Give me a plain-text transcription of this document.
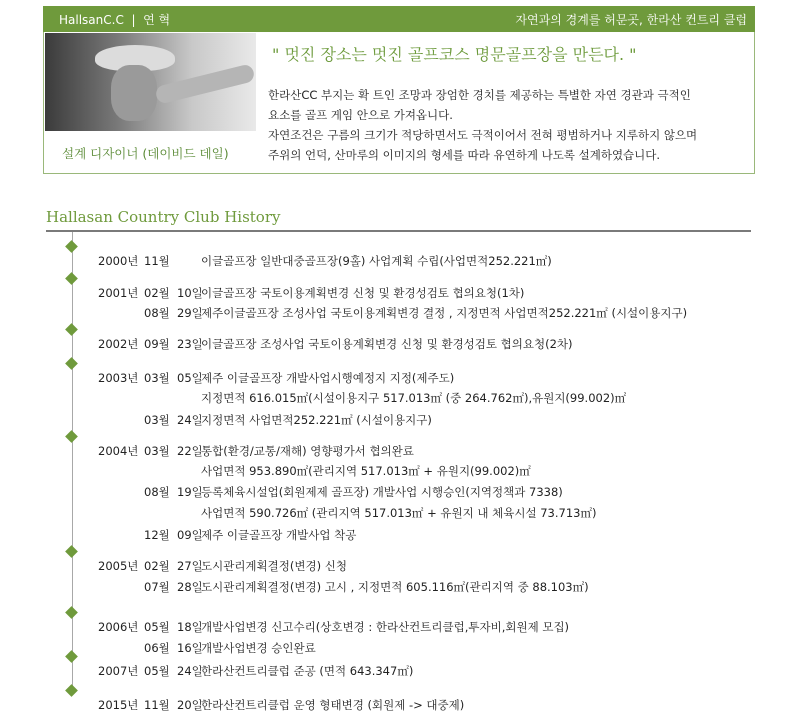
HallsanC.C  |  연 혁	자연과의 경계를 허문곳, 한라산 컨트리 클럽
설계 디자이너 (데이비드 데일)
" 멋진 장소는 멋진 골프코스 명문골프장을 만든다. "

한라산CC 부지는 확 트인 조망과 장엄한 경치를 제공하는 특별한 자연 경관과 극적인

요소를 골프 게임 안으로 가져옵니다.

자연조건은 구름의 크기가 적당하면서도 극적이어서 전혀 평범하거나 지루하지 않으며

주위의 언덕, 산마루의 이미지의 형세를 따라 유연하게 나도록 설계하였습니다.

Hallasan Country Club History

2000년 11월	이글골프장 일반대중골프장(9홀) 사업계획 수립(사업면적252.221㎡)

2001년 02월  10일
이글골프장 국토이용계획변경 신청 및 환경성검토 협의요청(1차)

08월  29일
제주이글골프장 조성사업 국토이용계획변경 결정 , 지정면적 사업면적252.221㎡ (시설이용지구)

2002년 09월  23일
이글골프장 조성사업 국토이용계획변경 신청 및 환경성검토 협의요청(2차)

2003년 03월  05일
제주 이글골프장 개발사업시행예정지 지정(제주도)

지정면적 616.015㎡(시설이용지구 517.013㎡ (중 264.762㎡),유원지(99.002)㎡

03월  24일
지정면적 사업면적252.221㎡ (시설이용지구)

2004년 03월  22일
통합(환경/교통/재해) 영향평가서 협의완료

사업면적 953.890㎡(관리지역 517.013㎡ + 유원지(99.002)㎡

08월  19일
등록체육시설업(회원제제 골프장) 개발사업 시행승인(지역정책과 7338)

사업면적 590.726㎡ (관리지역 517.013㎡ + 유원지 내 체육시설 73.713㎡)

12월  09일
제주 이글골프장 개발사업 착공

2005년 02월  27일
도시관리계획결정(변경) 신청

07월  28일
도시관리계획결정(변경) 고시 , 지정면적 605.116㎡(관리지역 중 88.103㎡)

2006년 05월  18일
개발사업변경 신고수리(상호변경 : 한라산컨트리클럽,투자비,회원제 모집)

06월  16일
개발사업변경 승인완료

2007년 05월  24일
한라산컨트리클럽 준공 (면적 643.347㎡)

2015년 11월  20일
한라산컨트리클럽 운영 형태변경 (회원제 -> 대중제)
